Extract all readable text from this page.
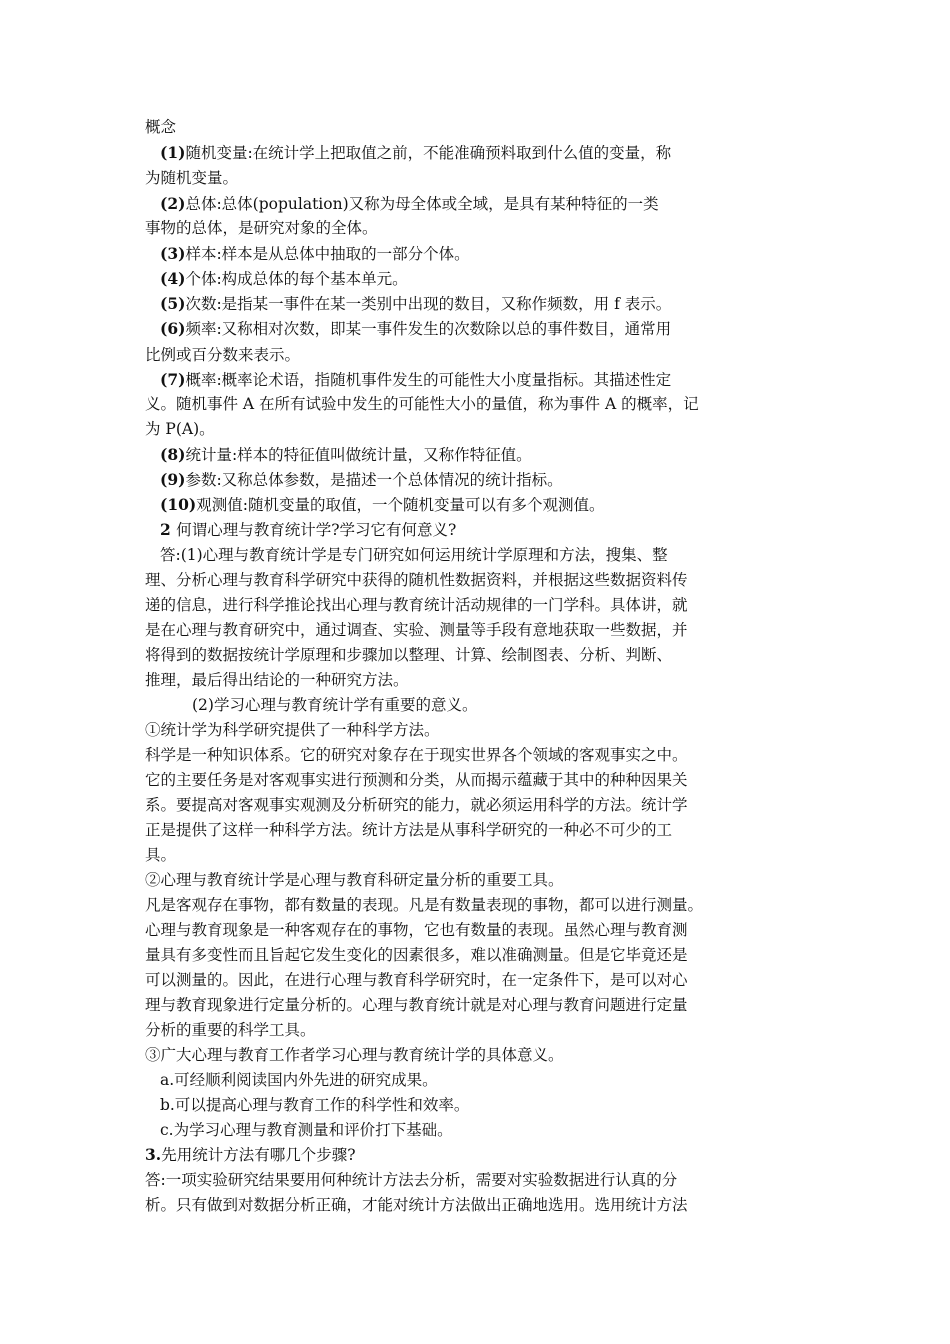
概念
(1)随机变量:在统计学上把取值之前，不能准确预料取到什么值的变量，称
为随机变量。
(2)总体:总体(population)又称为母全体或全域，是具有某种特征的一类
事物的总体，是研究对象的全体。
(3)样本:样本是从总体中抽取的一部分个体。
(4)个体:构成总体的每个基本单元。
(5)次数:是指某一事件在某一类别中出现的数目，又称作频数，用 f 表示。
(6)频率:又称相对次数，即某一事件发生的次数除以总的事件数目，通常用
比例或百分数来表示。
(7)概率:概率论术语，指随机事件发生的可能性大小度量指标。其描述性定
义。随机事件 A 在所有试验中发生的可能性大小的量值，称为事件 A 的概率，记
为 P(A)。
(8)统计量:样本的特征值叫做统计量，又称作特征值。
(9)参数:又称总体参数，是描述一个总体情况的统计指标。
(10)观测值:随机变量的取值，一个随机变量可以有多个观测值。
2 何谓心理与教育统计学?学习它有何意义?
答:(1)心理与教育统计学是专门研究如何运用统计学原理和方法，搜集、整
理、分析心理与教育科学研究中获得的随机性数据资料，并根据这些数据资料传
递的信息，进行科学推论找出心理与教育统计活动规律的一门学科。具体讲，就
是在心理与教育研究中，通过调查、实验、测量等手段有意地获取一些数据，并
将得到的数据按统计学原理和步骤加以整理、计算、绘制图表、分析、判断、
推理，最后得出结论的一种研究方法。
(2)学习心理与教育统计学有重要的意义。
①统计学为科学研究提供了一种科学方法。
科学是一种知识体系。它的研究对象存在于现实世界各个领域的客观事实之中。
它的主要任务是对客观事实进行预测和分类，从而揭示蕴藏于其中的种种因果关
系。要提高对客观事实观测及分析研究的能力，就必须运用科学的方法。统计学
正是提供了这样一种科学方法。统计方法是从事科学研究的一种必不可少的工
具。
②心理与教育统计学是心理与教育科研定量分析的重要工具。
凡是客观存在事物，都有数量的表现。凡是有数量表现的事物，都可以进行测量。
心理与教育现象是一种客观存在的事物，它也有数量的表现。虽然心理与教育测
量具有多变性而且旨起它发生变化的因素很多，难以准确测量。但是它毕竟还是
可以测量的。因此，在进行心理与教育科学研究时，在一定条件下，是可以对心
理与教育现象进行定量分析的。心理与教育统计就是对心理与教育问题进行定量
分析的重要的科学工具。
③广大心理与教育工作者学习心理与教育统计学的具体意义。
a.可经顺利阅读国内外先进的研究成果。
b.可以提高心理与教育工作的科学性和效率。
c.为学习心理与教育测量和评价打下基础。
3.先用统计方法有哪几个步骤?
答:一项实验研究结果要用何种统计方法去分析，需要对实验数据进行认真的分
析。只有做到对数据分析正确，才能对统计方法做出正确地选用。选用统计方法
